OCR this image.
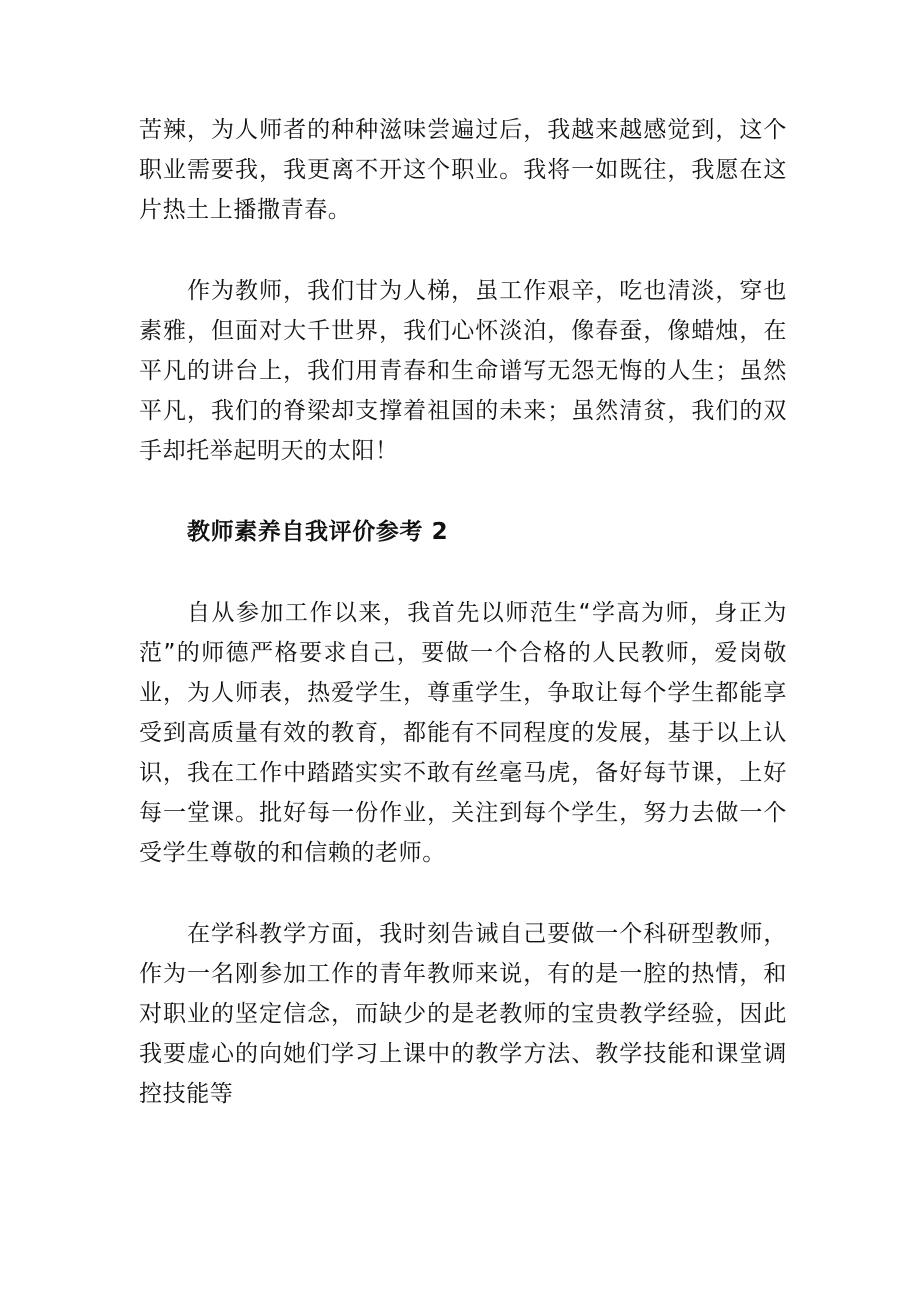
苦辣，为人师者的种种滋味尝遍过后，我越来越感觉到，这个职业需要我，我更离不开这个职业。我将一如既往，我愿在这片热土上播撒青春。

作为教师，我们甘为人梯，虽工作艰辛，吃也清淡，穿也素雅，但面对大千世界，我们心怀淡泊，像春蚕，像蜡烛，在平凡的讲台上，我们用青春和生命谱写无怨无悔的人生；虽然平凡，我们的脊梁却支撑着祖国的未来；虽然清贫，我们的双手却托举起明天的太阳！

教师素养自我评价参考 2

自从参加工作以来，我首先以师范生“学高为师，身正为范”的师德严格要求自己，要做一个合格的人民教师，爱岗敬业，为人师表，热爱学生，尊重学生，争取让每个学生都能享受到高质量有效的教育，都能有不同程度的发展，基于以上认识，我在工作中踏踏实实不敢有丝毫马虎，备好每节课，上好每一堂课。批好每一份作业，关注到每个学生，努力去做一个受学生尊敬的和信赖的老师。

在学科教学方面，我时刻告诫自己要做一个科研型教师，作为一名刚参加工作的青年教师来说，有的是一腔的热情，和对职业的坚定信念，而缺少的是老教师的宝贵教学经验，因此我要虚心的向她们学习上课中的教学方法、教学技能和课堂调控技能等
